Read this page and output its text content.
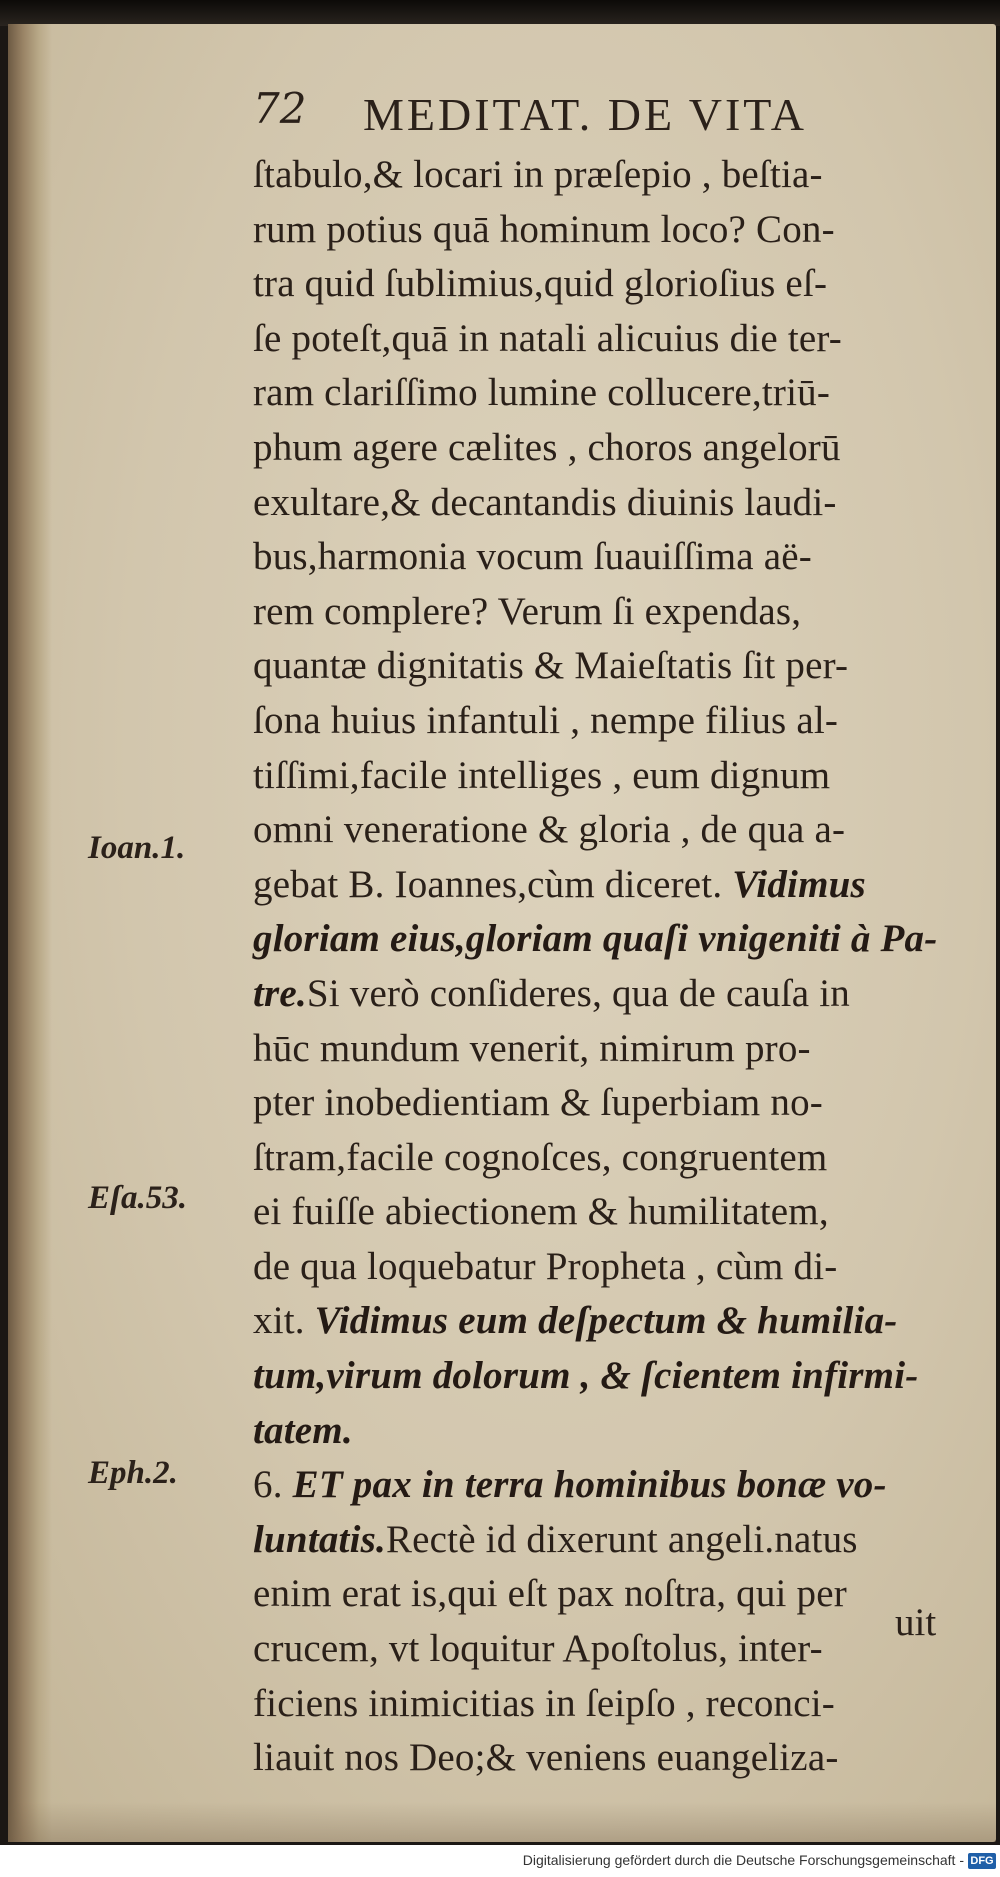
72 MEDITAT. DE VITA
ſtabulo,& locari in præſepio , beſtia-
rum potius quā hominum loco? Con-
tra quid ſublimius,quid glorioſius eſ-
ſe poteſt,quā in natali alicuius die ter-
ram clariſſimo lumine collucere,triū-
phum agere cælites , choros angelorū
exultare,& decantandis diuinis laudi-
bus,harmonia vocum ſuauiſſima aë-
rem complere? Verum ſi expendas,
quantæ dignitatis & Maieſtatis ſit per-
ſona huius infantuli , nempe filius al-
tiſſimi,facile intelliges , eum dignum
omni veneratione & gloria , de qua a-
gebat B. Ioannes,cùm diceret. Vidimus
gloriam eius,gloriam quaſi vnigeniti à Pa-
tre.Si verò conſideres, qua de cauſa in
hūc mundum venerit, nimirum pro-
pter inobedientiam & ſuperbiam no-
ſtram,facile cognoſces, congruentem
ei fuiſſe abiectionem & humilitatem,
de qua loquebatur Propheta , cùm di-
xit. Vidimus eum deſpectum & humilia-
tum,virum dolorum , & ſcientem infirmi-
tatem.
6. ET pax in terra hominibus bonæ vo-
luntatis.Rectè id dixerunt angeli.natus
enim erat is,qui eſt pax noſtra, qui per
crucem, vt loquitur Apoſtolus, inter-
ficiens inimicitias in ſeipſo , reconci-
liauit nos Deo;& veniens euangeliza-
uit
Ioan.1.
Eſa.53.
Eph.2.
Digitalisierung gefördert durch die Deutsche Forschungsgemeinschaft - DFG
